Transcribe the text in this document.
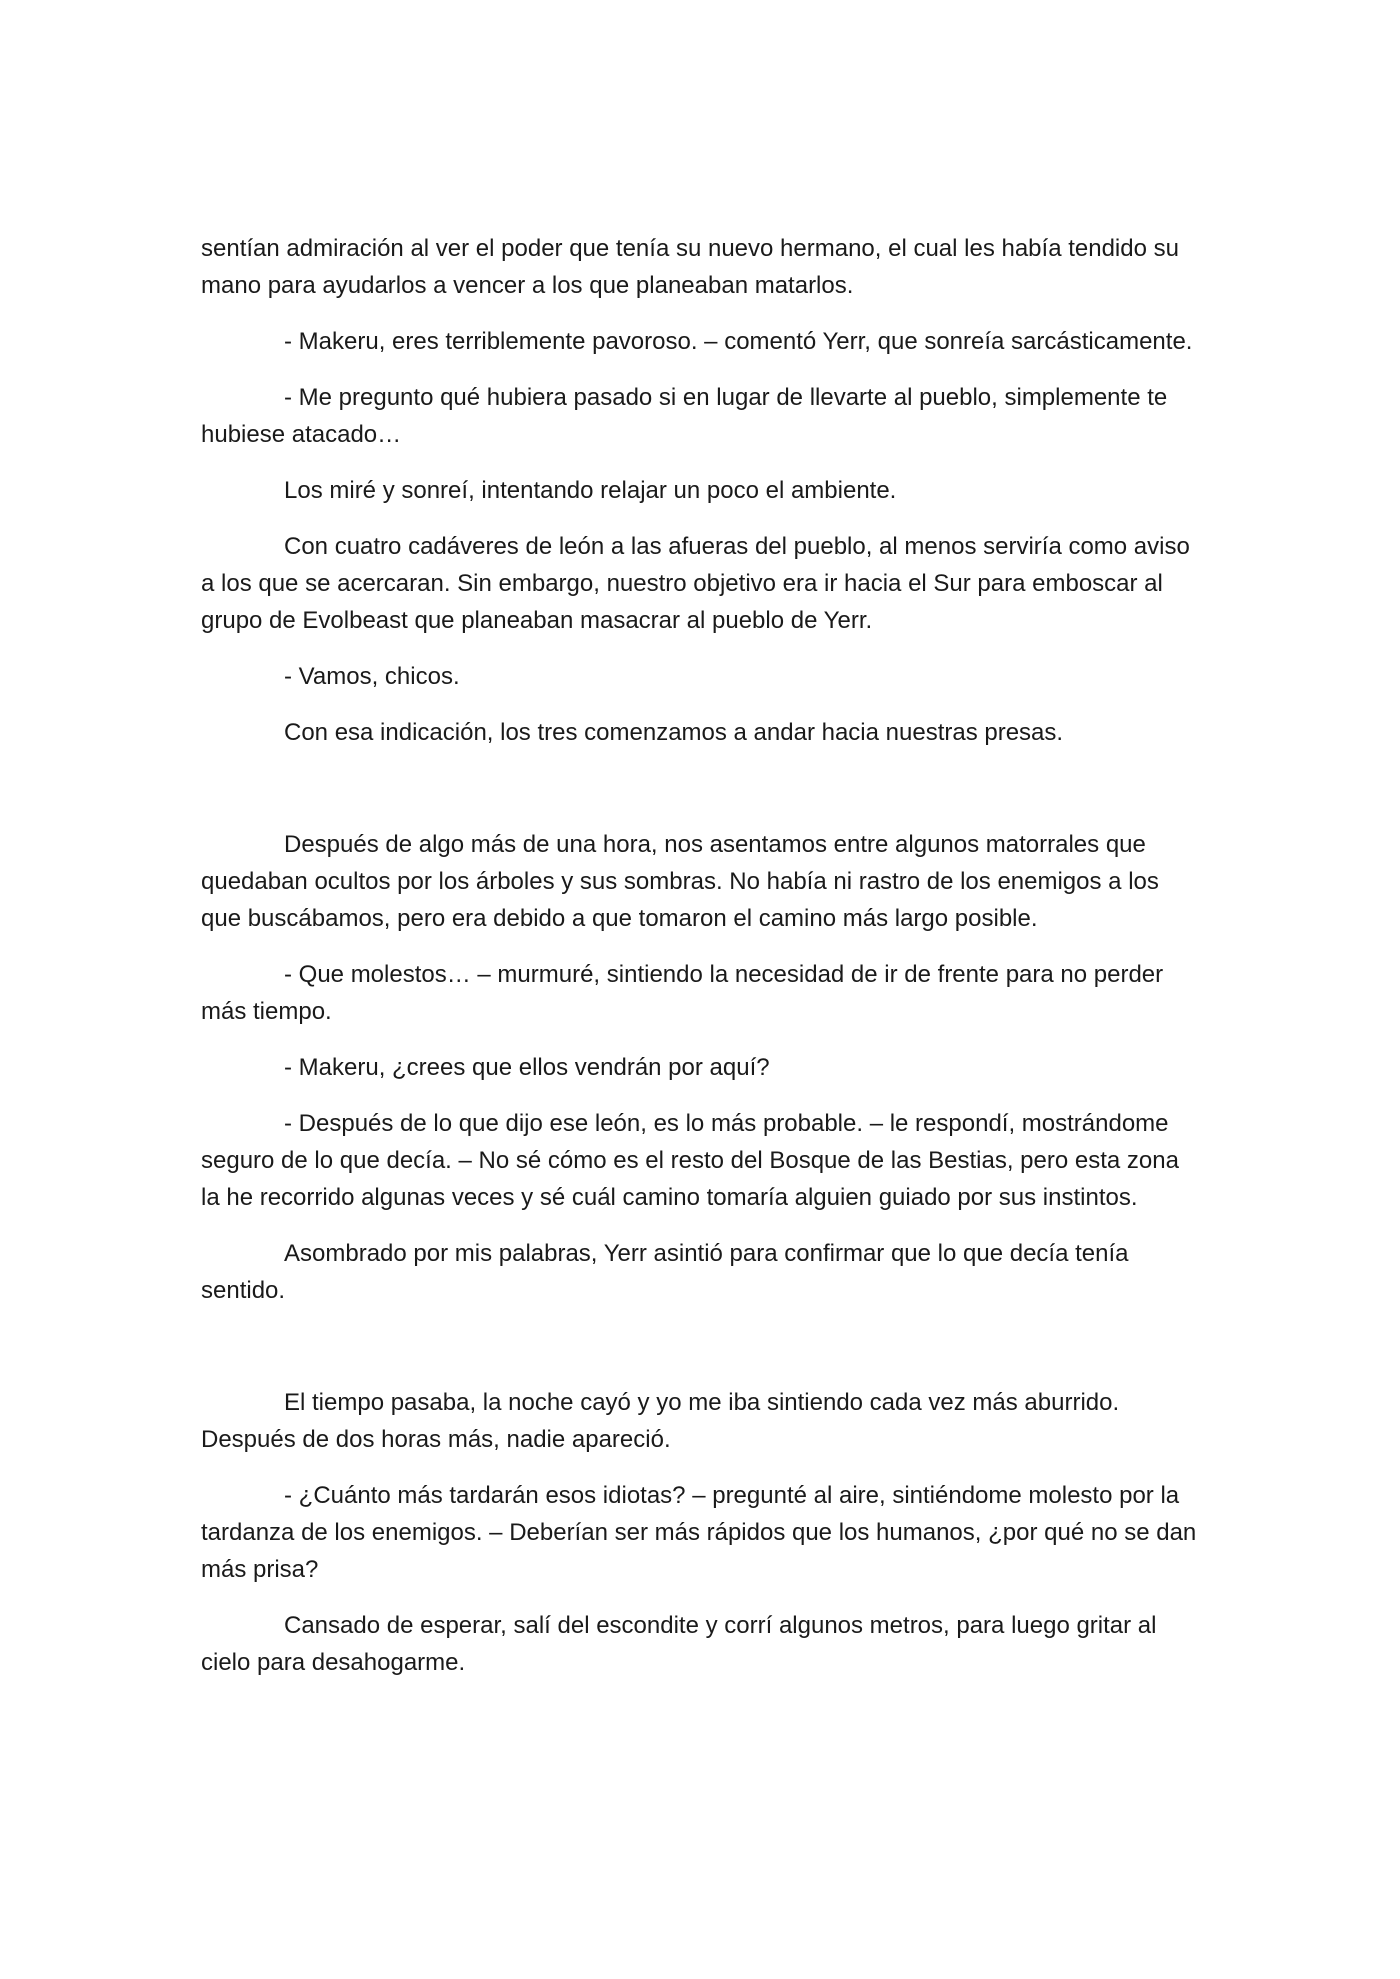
sentían admiración al ver el poder que tenía su nuevo hermano, el cual les había tendido su mano para ayudarlos a vencer a los que planeaban matarlos.

- Makeru, eres terriblemente pavoroso. – comentó Yerr, que sonreía sarcásticamente.

- Me pregunto qué hubiera pasado si en lugar de llevarte al pueblo, simplemente te hubiese atacado…

Los miré y sonreí, intentando relajar un poco el ambiente.

Con cuatro cadáveres de león a las afueras del pueblo, al menos serviría como aviso a los que se acercaran. Sin embargo, nuestro objetivo era ir hacia el Sur para emboscar al grupo de Evolbeast que planeaban masacrar al pueblo de Yerr.

- Vamos, chicos.

Con esa indicación, los tres comenzamos a andar hacia nuestras presas.

Después de algo más de una hora, nos asentamos entre algunos matorrales que quedaban ocultos por los árboles y sus sombras. No había ni rastro de los enemigos a los que buscábamos, pero era debido a que tomaron el camino más largo posible.

- Que molestos… – murmuré, sintiendo la necesidad de ir de frente para no perder más tiempo.

- Makeru, ¿crees que ellos vendrán por aquí?

- Después de lo que dijo ese león, es lo más probable. – le respondí, mostrándome seguro de lo que decía. – No sé cómo es el resto del Bosque de las Bestias, pero esta zona la he recorrido algunas veces y sé cuál camino tomaría alguien guiado por sus instintos.

Asombrado por mis palabras, Yerr asintió para confirmar que lo que decía tenía sentido.

El tiempo pasaba, la noche cayó y yo me iba sintiendo cada vez más aburrido. Después de dos horas más, nadie apareció.

- ¿Cuánto más tardarán esos idiotas? – pregunté al aire, sintiéndome molesto por la tardanza de los enemigos. – Deberían ser más rápidos que los humanos, ¿por qué no se dan más prisa?

Cansado de esperar, salí del escondite y corrí algunos metros, para luego gritar al cielo para desahogarme.
